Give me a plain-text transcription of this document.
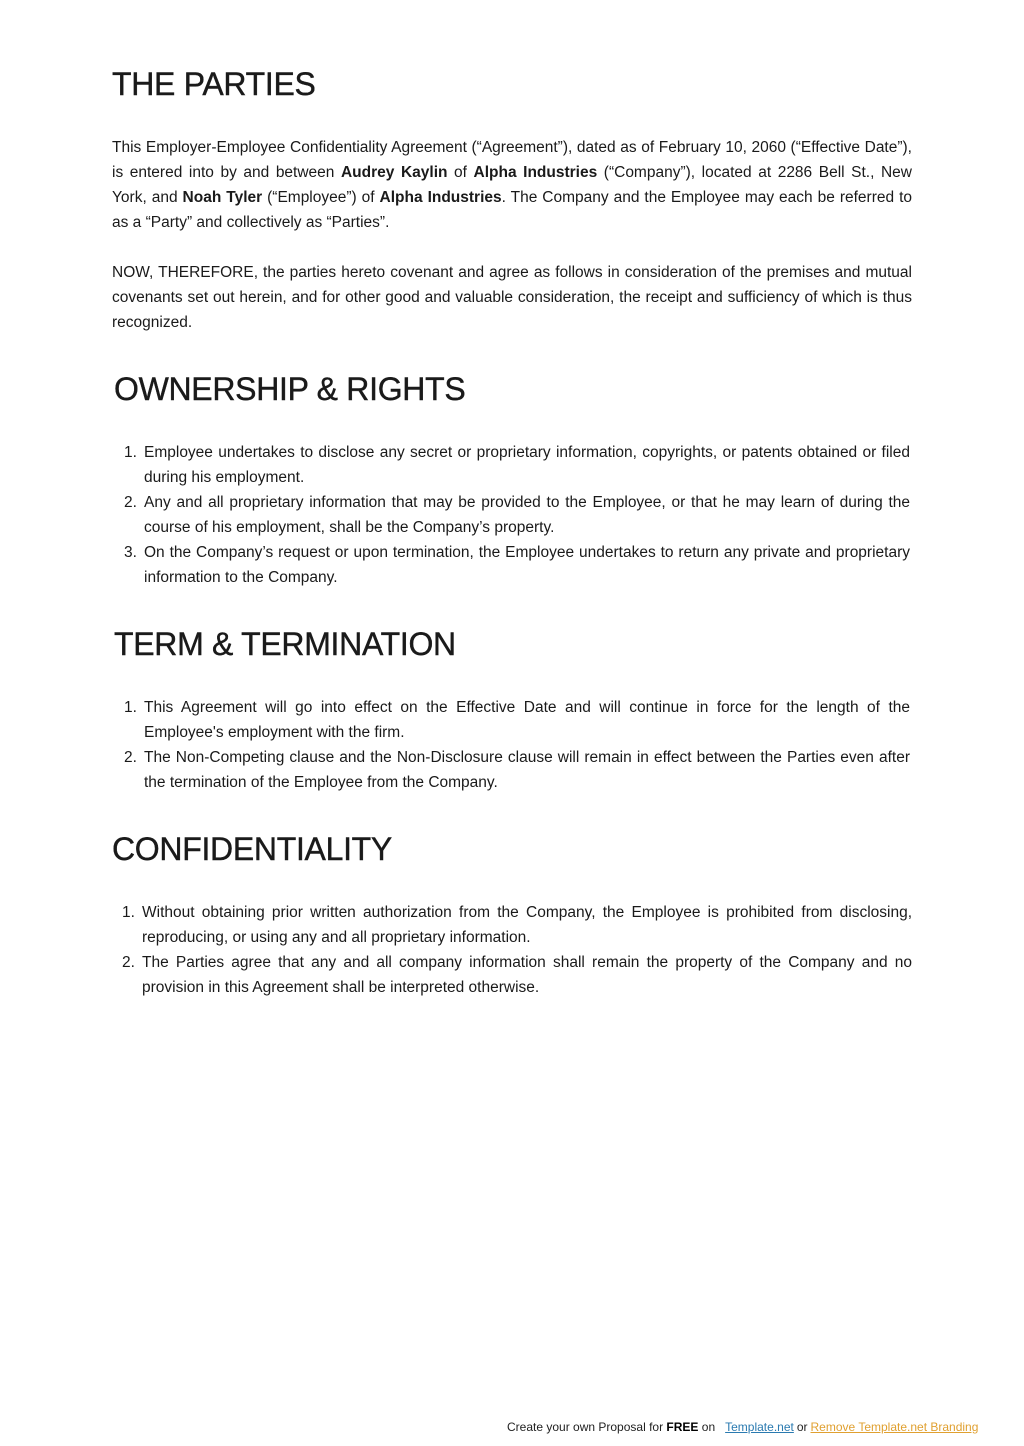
THE PARTIES

This Employer-Employee Confidentiality Agreement (“Agreement”), dated as of February 10, 2060 (“Effective Date”), is entered into by and between Audrey Kaylin of Alpha Industries (“Company”), located at 2286 Bell St., New York, and Noah Tyler (“Employee”) of Alpha Industries. The Company and the Employee may each be referred to as a “Party” and collectively as “Parties”.

NOW, THEREFORE, the parties hereto covenant and agree as follows in consideration of the premises and mutual covenants set out herein, and for other good and valuable consideration, the receipt and sufficiency of which is thus recognized.

OWNERSHIP & RIGHTS
1. Employee undertakes to disclose any secret or proprietary information, copyrights, or patents obtained or filed during his employment.
2. Any and all proprietary information that may be provided to the Employee, or that he may learn of during the course of his employment, shall be the Company’s property.
3. On the Company’s request or upon termination, the Employee undertakes to return any private and proprietary information to the Company.
TERM & TERMINATION
1. This Agreement will go into effect on the Effective Date and will continue in force for the length of the Employee's employment with the firm.
2. The Non-Competing clause and the Non-Disclosure clause will remain in effect between the Parties even after the termination of the Employee from the Company.
CONFIDENTIALITY
1. Without obtaining prior written authorization from the Company, the Employee is prohibited from disclosing, reproducing, or using any and all proprietary information.
2. The Parties agree that any and all company information shall remain the property of the Company and no provision in this Agreement shall be interpreted otherwise.
Create your own Proposal for FREE on Template.net or Remove Template.net Branding
